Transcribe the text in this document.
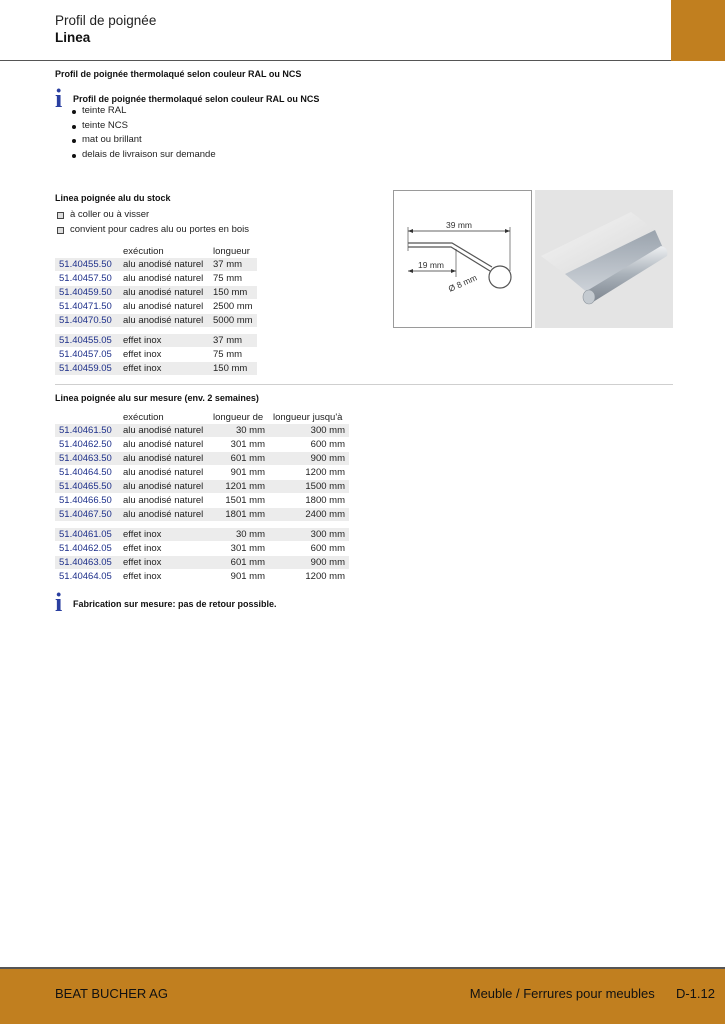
Profil de poignée
Linea
Profil de poignée thermolaqué selon couleur RAL ou NCS
i Profil de poignée thermolaqué selon couleur RAL ou NCS
teinte RAL
teinte NCS
mat ou brillant
delais de livraison sur demande
Linea poignée alu du stock
à coller ou à visser
convient pour cadres alu ou portes en bois
	exécution	longueur
51.40455.50	alu anodisé naturel	37 mm
51.40457.50	alu anodisé naturel	75 mm
51.40459.50	alu anodisé naturel	150 mm
51.40471.50	alu anodisé naturel	2500 mm
51.40470.50	alu anodisé naturel	5000 mm

51.40455.05	effet inox	37 mm
51.40457.05	effet inox	75 mm
51.40459.05	effet inox	150 mm
39 mm
19 mm
Ø 8 mm
Linea poignée alu sur mesure (env. 2 semaines)
	exécution	longueur de	longueur jusqu'à
51.40461.50	alu anodisé naturel	30 mm	300 mm
51.40462.50	alu anodisé naturel	301 mm	600 mm
51.40463.50	alu anodisé naturel	601 mm	900 mm
51.40464.50	alu anodisé naturel	901 mm	1200 mm
51.40465.50	alu anodisé naturel	1201 mm	1500 mm
51.40466.50	alu anodisé naturel	1501 mm	1800 mm
51.40467.50	alu anodisé naturel	1801 mm	2400 mm

51.40461.05	effet inox	30 mm	300 mm
51.40462.05	effet inox	301 mm	600 mm
51.40463.05	effet inox	601 mm	900 mm
51.40464.05	effet inox	901 mm	1200 mm
i Fabrication sur mesure: pas de retour possible.
BEAT BUCHER AG	Meuble / Ferrures pour meubles D-1.12
